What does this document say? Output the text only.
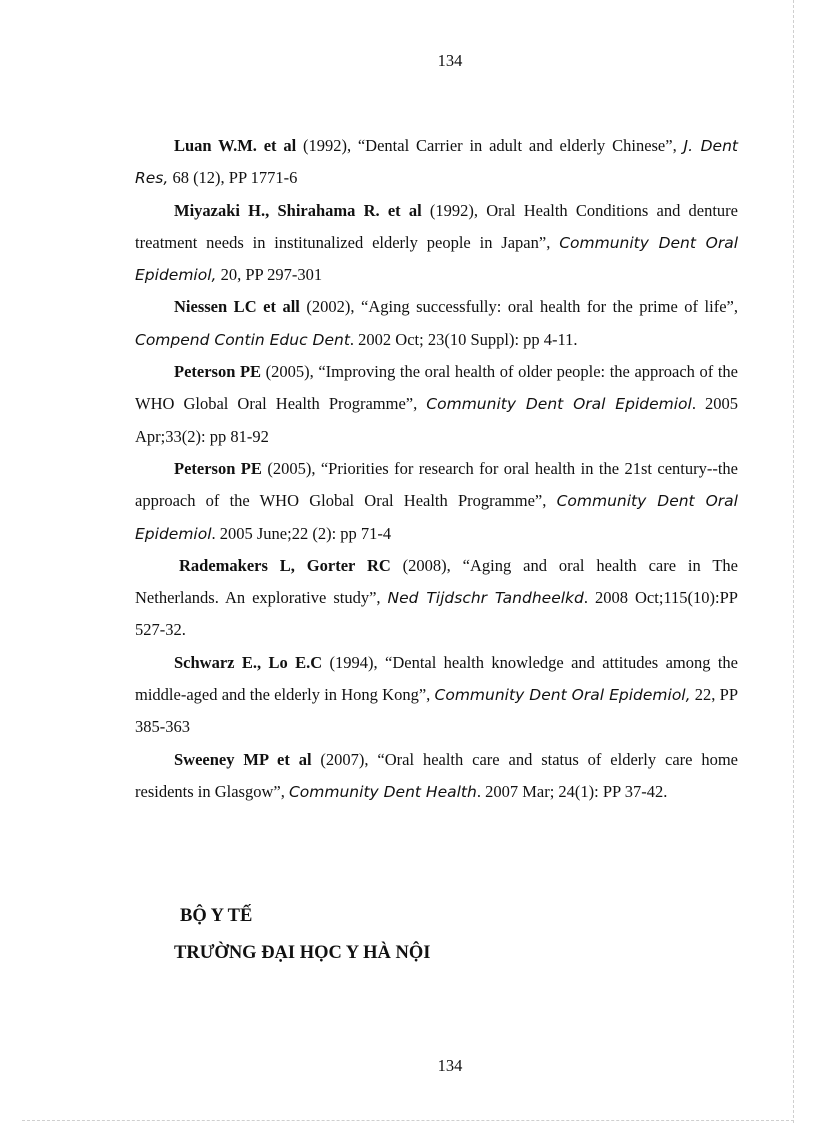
134

Luan W.M. et al (1992), “Dental Carrier in adult and elderly Chinese”, J. Dent Res, 68 (12), PP 1771-6

Miyazaki H., Shirahama R. et al (1992), Oral Health Conditions and denture treatment needs in institunalized elderly people in Japan”, Community Dent Oral Epidemiol, 20, PP 297-301

Niessen LC et all (2002), “Aging successfully: oral health for the prime of life”, Compend Contin Educ Dent. 2002 Oct; 23(10 Suppl): pp 4-11.

Peterson PE (2005), “Improving the oral health of older people: the approach of the WHO Global Oral Health Programme”, Community Dent Oral Epidemiol. 2005 Apr;33(2): pp 81-92

Peterson PE (2005), “Priorities for research for oral health in the 21st century--the approach of the WHO Global Oral Health Programme”, Community Dent Oral Epidemiol. 2005 June;22 (2): pp 71-4

Rademakers L, Gorter RC (2008), “Aging and oral health care in The Netherlands. An explorative study”, Ned Tijdschr Tandheelkd. 2008 Oct;115(10):PP 527-32.

Schwarz E., Lo E.C (1994), “Dental health knowledge and attitudes among the middle-aged and the elderly in Hong Kong”, Community Dent Oral Epidemiol, 22, PP 385-363

Sweeney MP et al (2007), “Oral health care and status of elderly care home residents in Glasgow”, Community Dent Health. 2007 Mar; 24(1): PP 37-42.

BỘ Y TẾ
TRƯỜNG ĐẠI HỌC Y HÀ NỘI
134
